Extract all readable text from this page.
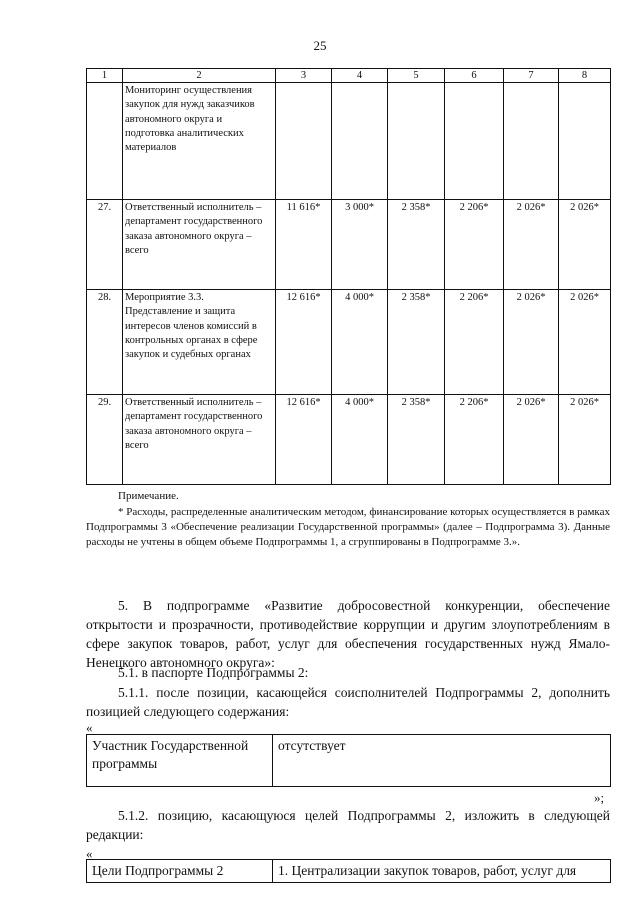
25
1	2	3	4	5	6	7	8
	Мониторинг осуществления закупок для нужд заказчиков автономного округа и подготовка аналитических материалов						
27.	Ответственный исполнитель – департамент государственного заказа автономного округа – всего	11 616*	3 000*	2 358*	2 206*	2 026*	2 026*
28.	Мероприятие 3.3. Представление и защита интересов членов комиссий в контрольных органах в сфере закупок и судебных органах	12 616*	4 000*	2 358*	2 206*	2 026*	2 026*
29.	Ответственный исполнитель – департамент государственного заказа автономного округа – всего	12 616*	4 000*	2 358*	2 206*	2 026*	2 026*
Примечание.
* Расходы, распределенные аналитическим методом, финансирование которых осуществляется в рамках Подпрограммы 3 «Обеспечение реализации Государственной программы» (далее – Подпрограмма 3). Данные расходы не учтены в общем объеме Подпрограммы 1, а сгруппированы в Подпрограмме 3.».
5. В подпрограмме «Развитие добросовестной конкуренции, обеспечение открытости и прозрачности, противодействие коррупции и другим злоупотреблениям в сфере закупок товаров, работ, услуг для обеспечения государственных нужд Ямало-Ненецкого автономного округа»:
5.1. в паспорте Подпрограммы 2:
5.1.1. после позиции, касающейся соисполнителей Подпрограммы 2, дополнить позицией следующего содержания:
«
Участник Государственной программы	отсутствует
»;
5.1.2. позицию, касающуюся целей Подпрограммы 2, изложить в следующей редакции:
«
Цели Подпрограммы 2	1. Централизации закупок товаров, работ, услуг для
